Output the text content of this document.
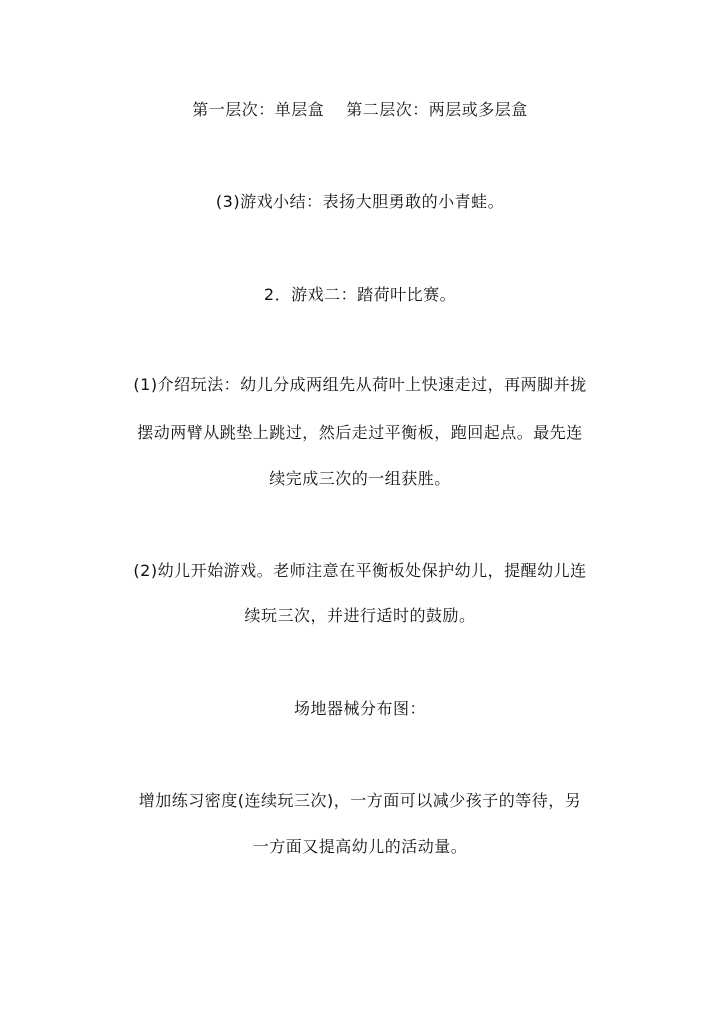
第一层次：单层盒　 第二层次：两层或多层盒
(3)游戏小结：表扬大胆勇敢的小青蛙。
2．游戏二：踏荷叶比赛。
(1)介绍玩法：幼儿分成两组先从荷叶上快速走过，再两脚并拢
摆动两臂从跳垫上跳过，然后走过平衡板，跑回起点。最先连
续完成三次的一组获胜。
(2)幼儿开始游戏。老师注意在平衡板处保护幼儿，提醒幼儿连
续玩三次，并进行适时的鼓励。
场地器械分布图：
增加练习密度(连续玩三次)，一方面可以减少孩子的等待，另
一方面又提高幼儿的活动量。
